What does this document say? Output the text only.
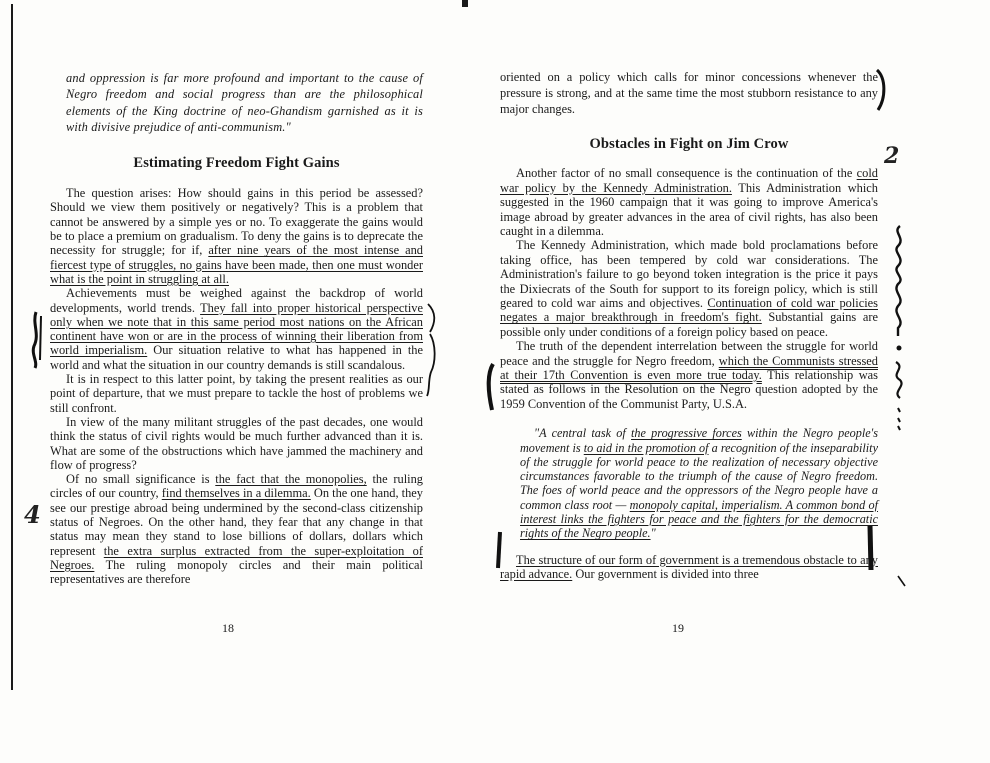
and oppression is far more profound and important to the cause of Negro freedom and social progress than are the philosophical elements of the King doctrine of neo-Ghandism garnished as it is with divisive prejudice of anti-communism."

Estimating Freedom Fight Gains

The question arises: How should gains in this period be assessed? Should we view them positively or negatively? This is a problem that cannot be answered by a simple yes or no. To exaggerate the gains would be to place a premium on gradualism. To deny the gains is to deprecate the necessity for struggle; for if, after nine years of the most intense and fiercest type of struggles, no gains have been made, then one must wonder what is the point in struggling at all.

Achievements must be weighed against the backdrop of world developments, world trends. They fall into proper historical perspective only when we note that in this same period most nations on the African continent have won or are in the process of winning their liberation from world imperialism. Our situation relative to what has happened in the world and what the situation in our country demands is still scandalous.

It is in respect to this latter point, by taking the present realities as our point of departure, that we must prepare to tackle the host of problems we still confront.

In view of the many militant struggles of the past decades, one would think the status of civil rights would be much further advanced than it is. What are some of the obstructions which have jammed the machinery and flow of progress?

Of no small significance is the fact that the monopolies, the ruling circles of our country, find themselves in a dilemma. On the one hand, they see our prestige abroad being undermined by the second-class citizenship status of Negroes. On the other hand, they fear that any change in that status may mean they stand to lose billions of dollars, dollars which represent the extra surplus extracted from the super-exploitation of Negroes. The ruling monopoly circles and their main political representatives are therefore

18

oriented on a policy which calls for minor concessions whenever the pressure is strong, and at the same time the most stubborn resistance to any major changes.

Obstacles in Fight on Jim Crow

Another factor of no small consequence is the continuation of the cold war policy by the Kennedy Administration. This Administration which suggested in the 1960 campaign that it was going to improve America's image abroad by greater advances in the area of civil rights, has also been caught in a dilemma.

The Kennedy Administration, which made bold proclamations before taking office, has been tempered by cold war considerations. The Administration's failure to go beyond token integration is the price it pays the Dixiecrats of the South for support to its foreign policy, which is still geared to cold war aims and objectives. Continuation of cold war policies negates a major breakthrough in freedom's fight. Substantial gains are possible only under conditions of a foreign policy based on peace.

The truth of the dependent interrelation between the struggle for world peace and the struggle for Negro freedom, which the Communists stressed at their 17th Convention is even more true today. This relationship was stated as follows in the Resolution on the Negro question adopted by the 1959 Convention of the Communist Party, U.S.A.

"A central task of the progressive forces within the Negro people's movement is to aid in the promotion of a recognition of the inseparability of the struggle for world peace to the realization of necessary objective circumstances favorable to the triumph of the cause of Negro freedom. The foes of world peace and the oppressors of the Negro people have a common class root — monopoly capital, imperialism. A common bond of interest links the fighters for peace and the fighters for the democratic rights of the Negro people."

The structure of our form of government is a tremendous obstacle to any rapid advance. Our government is divided into three

19
4
2
